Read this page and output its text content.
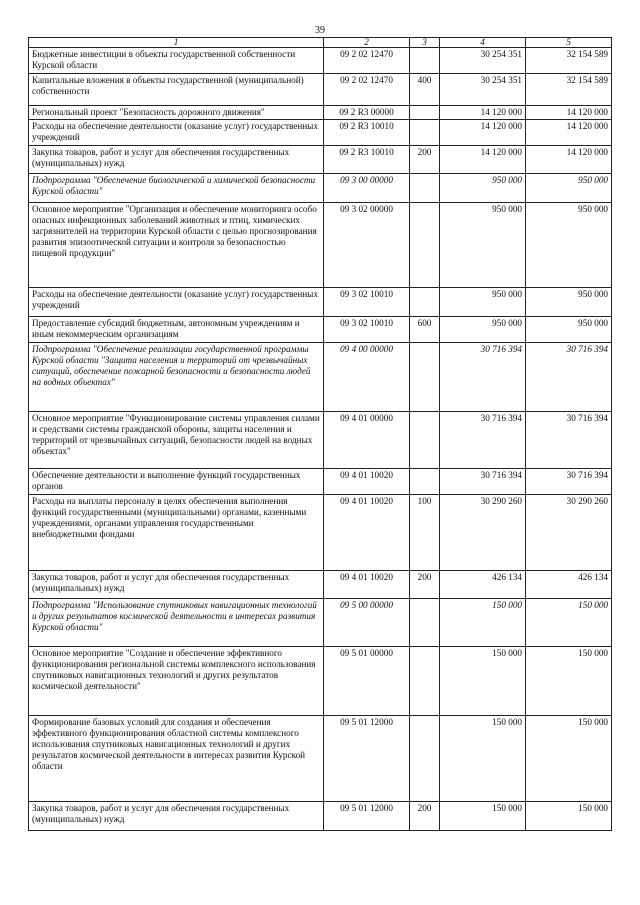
39
1	2	3	4	5
Бюджетные инвестиции в объекты государственной собственности Курской области	09 2 02 12470		30 254 351	32 154 589
Капитальные вложения в объекты государственной (муниципальной) собственности	09 2 02 12470	400	30 254 351	32 154 589
Региональный проект "Безопасность дорожного движения"	09 2 R3 00000		14 120 000	14 120 000
Расходы на обеспечение деятельности (оказание услуг) государственных учреждений	09 2 R3 10010		14 120 000	14 120 000
Закупка товаров, работ и услуг для обеспечения государственных (муниципальных) нужд	09 2 R3 10010	200	14 120 000	14 120 000
Подпрограмма "Обеспечение биологической и химической безопасности Курской области"	09 3 00 00000		950 000	950 000
Основное мероприятие "Организация и обеспечение мониторинга особо опасных инфекционных заболеваний животных и птиц, химических загрязнителей на территории Курской области с целью прогнозирования развития эпизоотической ситуации и контроля за безопасностью пищевой продукции"	09 3 02 00000		950 000	950 000
Расходы на обеспечение деятельности (оказание услуг) государственных учреждений	09 3 02 10010		950 000	950 000
Предоставление субсидий бюджетным, автономным учреждениям и иным некоммерческим организациям	09 3 02 10010	600	950 000	950 000
Подпрограмма "Обеспечение реализации государственной программы Курской области "Защита населения и территорий от чрезвычайных ситуаций, обеспечение пожарной безопасности и безопасности людей на водных объектах"	09 4 00 00000		30 716 394	30 716 394
Основное мероприятие "Функционирование системы управления силами и средствами системы гражданской обороны, защиты населения и территорий от чрезвычайных ситуаций, безопасности людей на водных объектах"	09 4 01 00000		30 716 394	30 716 394
Обеспечение деятельности и выполнение функций государственных органов	09 4 01 10020		30 716 394	30 716 394
Расходы на выплаты персоналу в целях обеспечения выполнения функций государственными (муниципальными) органами, казенными учреждениями, органами управления государственными внебюджетными фондами	09 4 01 10020	100	30 290 260	30 290 260
Закупка товаров, работ и услуг для обеспечения государственных (муниципальных) нужд	09 4 01 10020	200	426 134	426 134
Подпрограмма "Использование спутниковых навигационных технологий и других результатов космической деятельности в интересах развития Курской области"	09 5 00 00000		150 000	150 000
Основное мероприятие "Создание и обеспечение эффективного функционирования региональной системы комплексного использования спутниковых навигационных технологий и других результатов космической деятельности"	09 5 01 00000		150 000	150 000
Формирование базовых условий для создания и обеспечения эффективного функционирования областной системы комплексного использования спутниковых навигационных технологий и других результатов космической деятельности в интересах развития Курской области	09 5 01 12000		150 000	150 000
Закупка товаров, работ и услуг для обеспечения государственных (муниципальных) нужд	09 5 01 12000	200	150 000	150 000
